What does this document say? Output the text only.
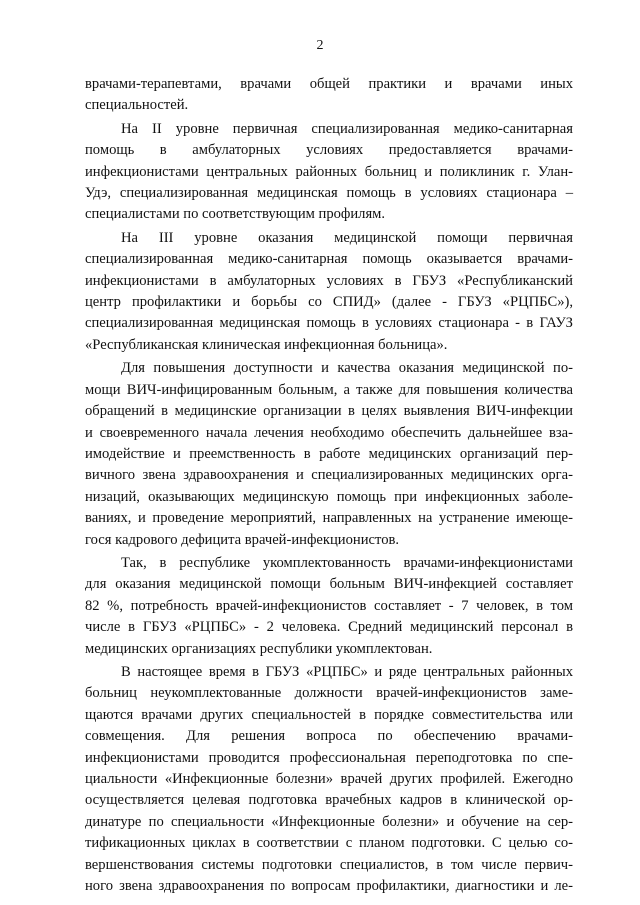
2

врачами-терапевтами, врачами общей практики и врачами иных
специальностей.

На II уровне первичная специализированная медико-санитарная
помощь в амбулаторных условиях предоставляется врачами-
инфекционистами центральных районных больниц и поликлиник г. Улан-
Удэ, специализированная медицинская помощь в условиях стационара –
специалистами по соответствующим профилям.

На III уровне оказания медицинской помощи первичная
специализированная медико-санитарная помощь оказывается врачами-
инфекционистами в амбулаторных условиях в ГБУЗ «Республиканский
центр профилактики и борьбы со СПИД» (далее - ГБУЗ «РЦПБС»),
специализированная медицинская помощь в условиях стационара - в ГАУЗ
«Республиканская клиническая инфекционная больница».

Для повышения доступности и качества оказания медицинской по-
мощи ВИЧ-инфицированным больным, а также для повышения количества
обращений в медицинские организации в целях выявления ВИЧ-инфекции
и своевременного начала лечения необходимо обеспечить дальнейшее вза-
имодействие и преемственность в работе медицинских организаций пер-
вичного звена здравоохранения и специализированных медицинских орга-
низаций, оказывающих медицинскую помощь при инфекционных заболе-
ваниях, и проведение мероприятий, направленных на устранение имеюще-
гося кадрового дефицита врачей-инфекционистов.

Так, в республике укомплектованность врачами-инфекционистами
для оказания медицинской помощи больным ВИЧ-инфекцией составляет
82 %, потребность врачей-инфекционистов составляет - 7 человек, в том
числе в ГБУЗ «РЦПБС» - 2 человека. Средний медицинский персонал в
медицинских организациях республики укомплектован.

В настоящее время в ГБУЗ «РЦПБС» и ряде центральных районных
больниц неукомплектованные должности врачей-инфекционистов заме-
щаются врачами других специальностей в порядке совместительства или
совмещения. Для решения вопроса по обеспечению врачами-
инфекционистами проводится профессиональная переподготовка по спе-
циальности «Инфекционные болезни» врачей других профилей. Ежегодно
осуществляется целевая подготовка врачебных кадров в клинической ор-
динатуре по специальности «Инфекционные болезни» и обучение на сер-
тификационных циклах в соответствии с планом подготовки. С целью со-
вершенствования системы подготовки специалистов, в том числе первич-
ного звена здравоохранения по вопросам профилактики, диагностики и ле-
